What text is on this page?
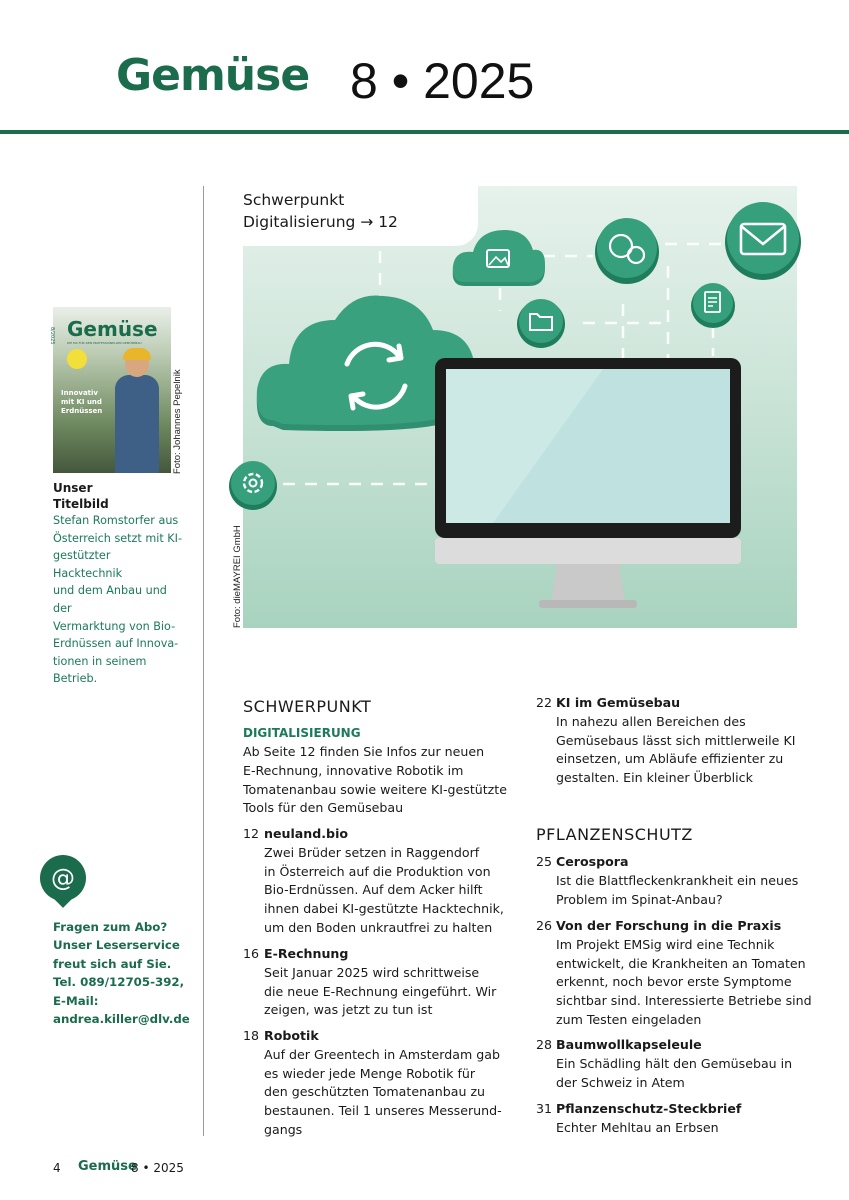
Gemüse 8 • 2025
Gemüse
DIE MA FÜR DEN PROFESSIONELLEN GEMÜSEBAU
8/2025
Innovativ
mit KI und
Erdnüssen	Foto: Johannes Pepelnik
Unser
Titelbild
Stefan Romstorfer aus
Österreich setzt mit KI-
gestützter Hacktechnik
und dem Anbau und der
Vermarktung von Bio-
Erdnüssen auf Innova-
tionen in seinem Betrieb.
@
Fragen zum Abo?
Unser Leserservice
freut sich auf Sie.
Tel. 089/12705-392,
E-Mail:
andrea.killer@dlv.de
Schwerpunkt
Digitalisierung → 12
Foto: dieMAYREI GmbH
SCHWERPUNKT
DIGITALISIERUNG
Ab Seite 12 finden Sie Infos zur neuen
E-Rechnung, innovative Robotik im
Tomatenanbau sowie weitere KI-gestützte
Tools für den Gemüsebau
12 neuland.bio
Zwei Brüder setzen in Raggendorf
in Österreich auf die Produktion von
Bio-Erdnüssen. Auf dem Acker hilft
ihnen dabei KI-gestützte Hacktechnik,
um den Boden unkrautfrei zu halten
16 E-Rechnung
Seit Januar 2025 wird schrittweise
die neue E-Rechnung eingeführt. Wir
zeigen, was jetzt zu tun ist
18 Robotik
Auf der Greentech in Amsterdam gab
es wieder jede Menge Robotik für
den geschützten Tomatenanbau zu
bestaunen. Teil 1 unseres Messerund-
gangs
22 KI im Gemüsebau
In nahezu allen Bereichen des
Gemüsebaus lässt sich mittlerweile KI
einsetzen, um Abläufe effizienter zu
gestalten. Ein kleiner Überblick
PFLANZENSCHUTZ
25 Cerospora
Ist die Blattfleckenkrankheit ein neues
Problem im Spinat-Anbau?
26 Von der Forschung in die Praxis
Im Projekt EMSig wird eine Technik
entwickelt, die Krankheiten an Tomaten
erkennt, noch bevor erste Symptome
sichtbar sind. Interessierte Betriebe sind
zum Testen eingeladen
28 Baumwollkapseleule
Ein Schädling hält den Gemüsebau in
der Schweiz in Atem
31 Pflanzenschutz-Steckbrief
Echter Mehltau an Erbsen
4 Gemüse
8 • 2025
